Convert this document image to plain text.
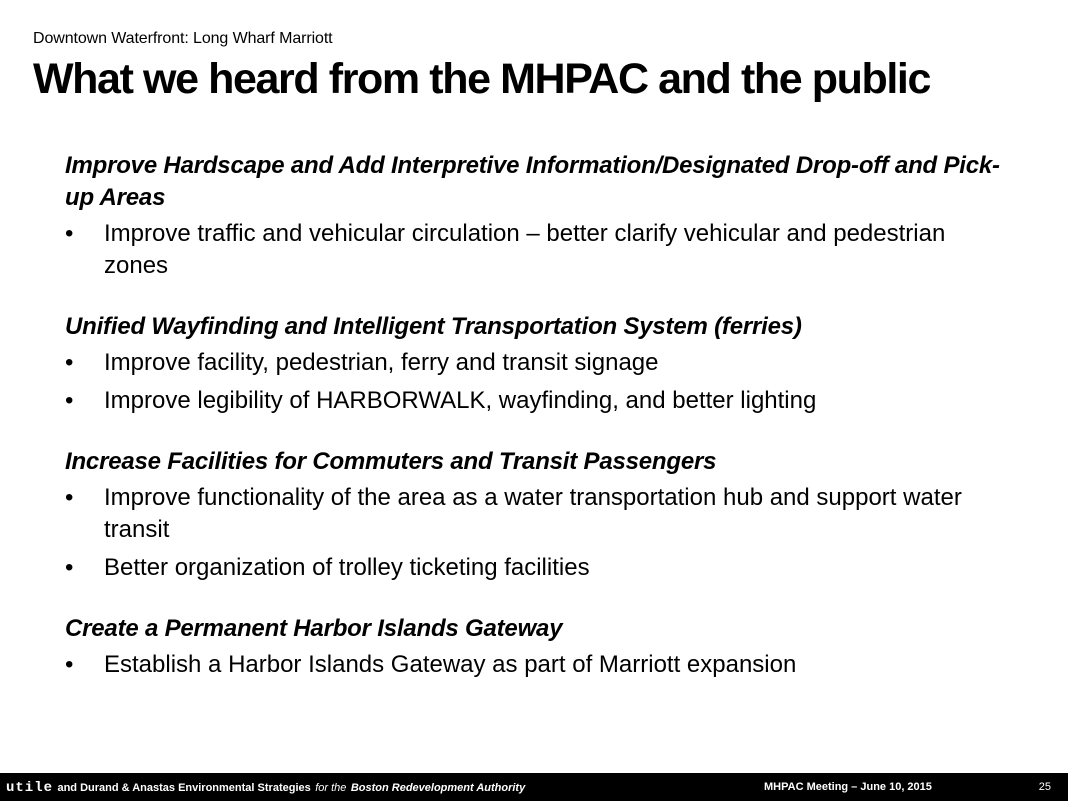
Downtown Waterfront: Long Wharf Marriott
What we heard from the MHPAC and the public
Improve Hardscape and Add Interpretive Information/Designated Drop-off and Pick-up Areas
• Improve traffic and vehicular circulation – better clarify vehicular and pedestrian zones
Unified Wayfinding and Intelligent Transportation System (ferries)
• Improve facility, pedestrian, ferry and transit signage
• Improve legibility of HARBORWALK, wayfinding, and better lighting
Increase Facilities for Commuters and Transit Passengers
• Improve functionality of the area as a water transportation hub and support water transit
• Better organization of trolley ticketing facilities
Create a Permanent Harbor Islands Gateway
• Establish a Harbor Islands Gateway as part of Marriott expansion
utile and Durand & Anastas Environmental Strategies for the Boston Redevelopment Authority	MHPAC Meeting – June 10, 2015	25
